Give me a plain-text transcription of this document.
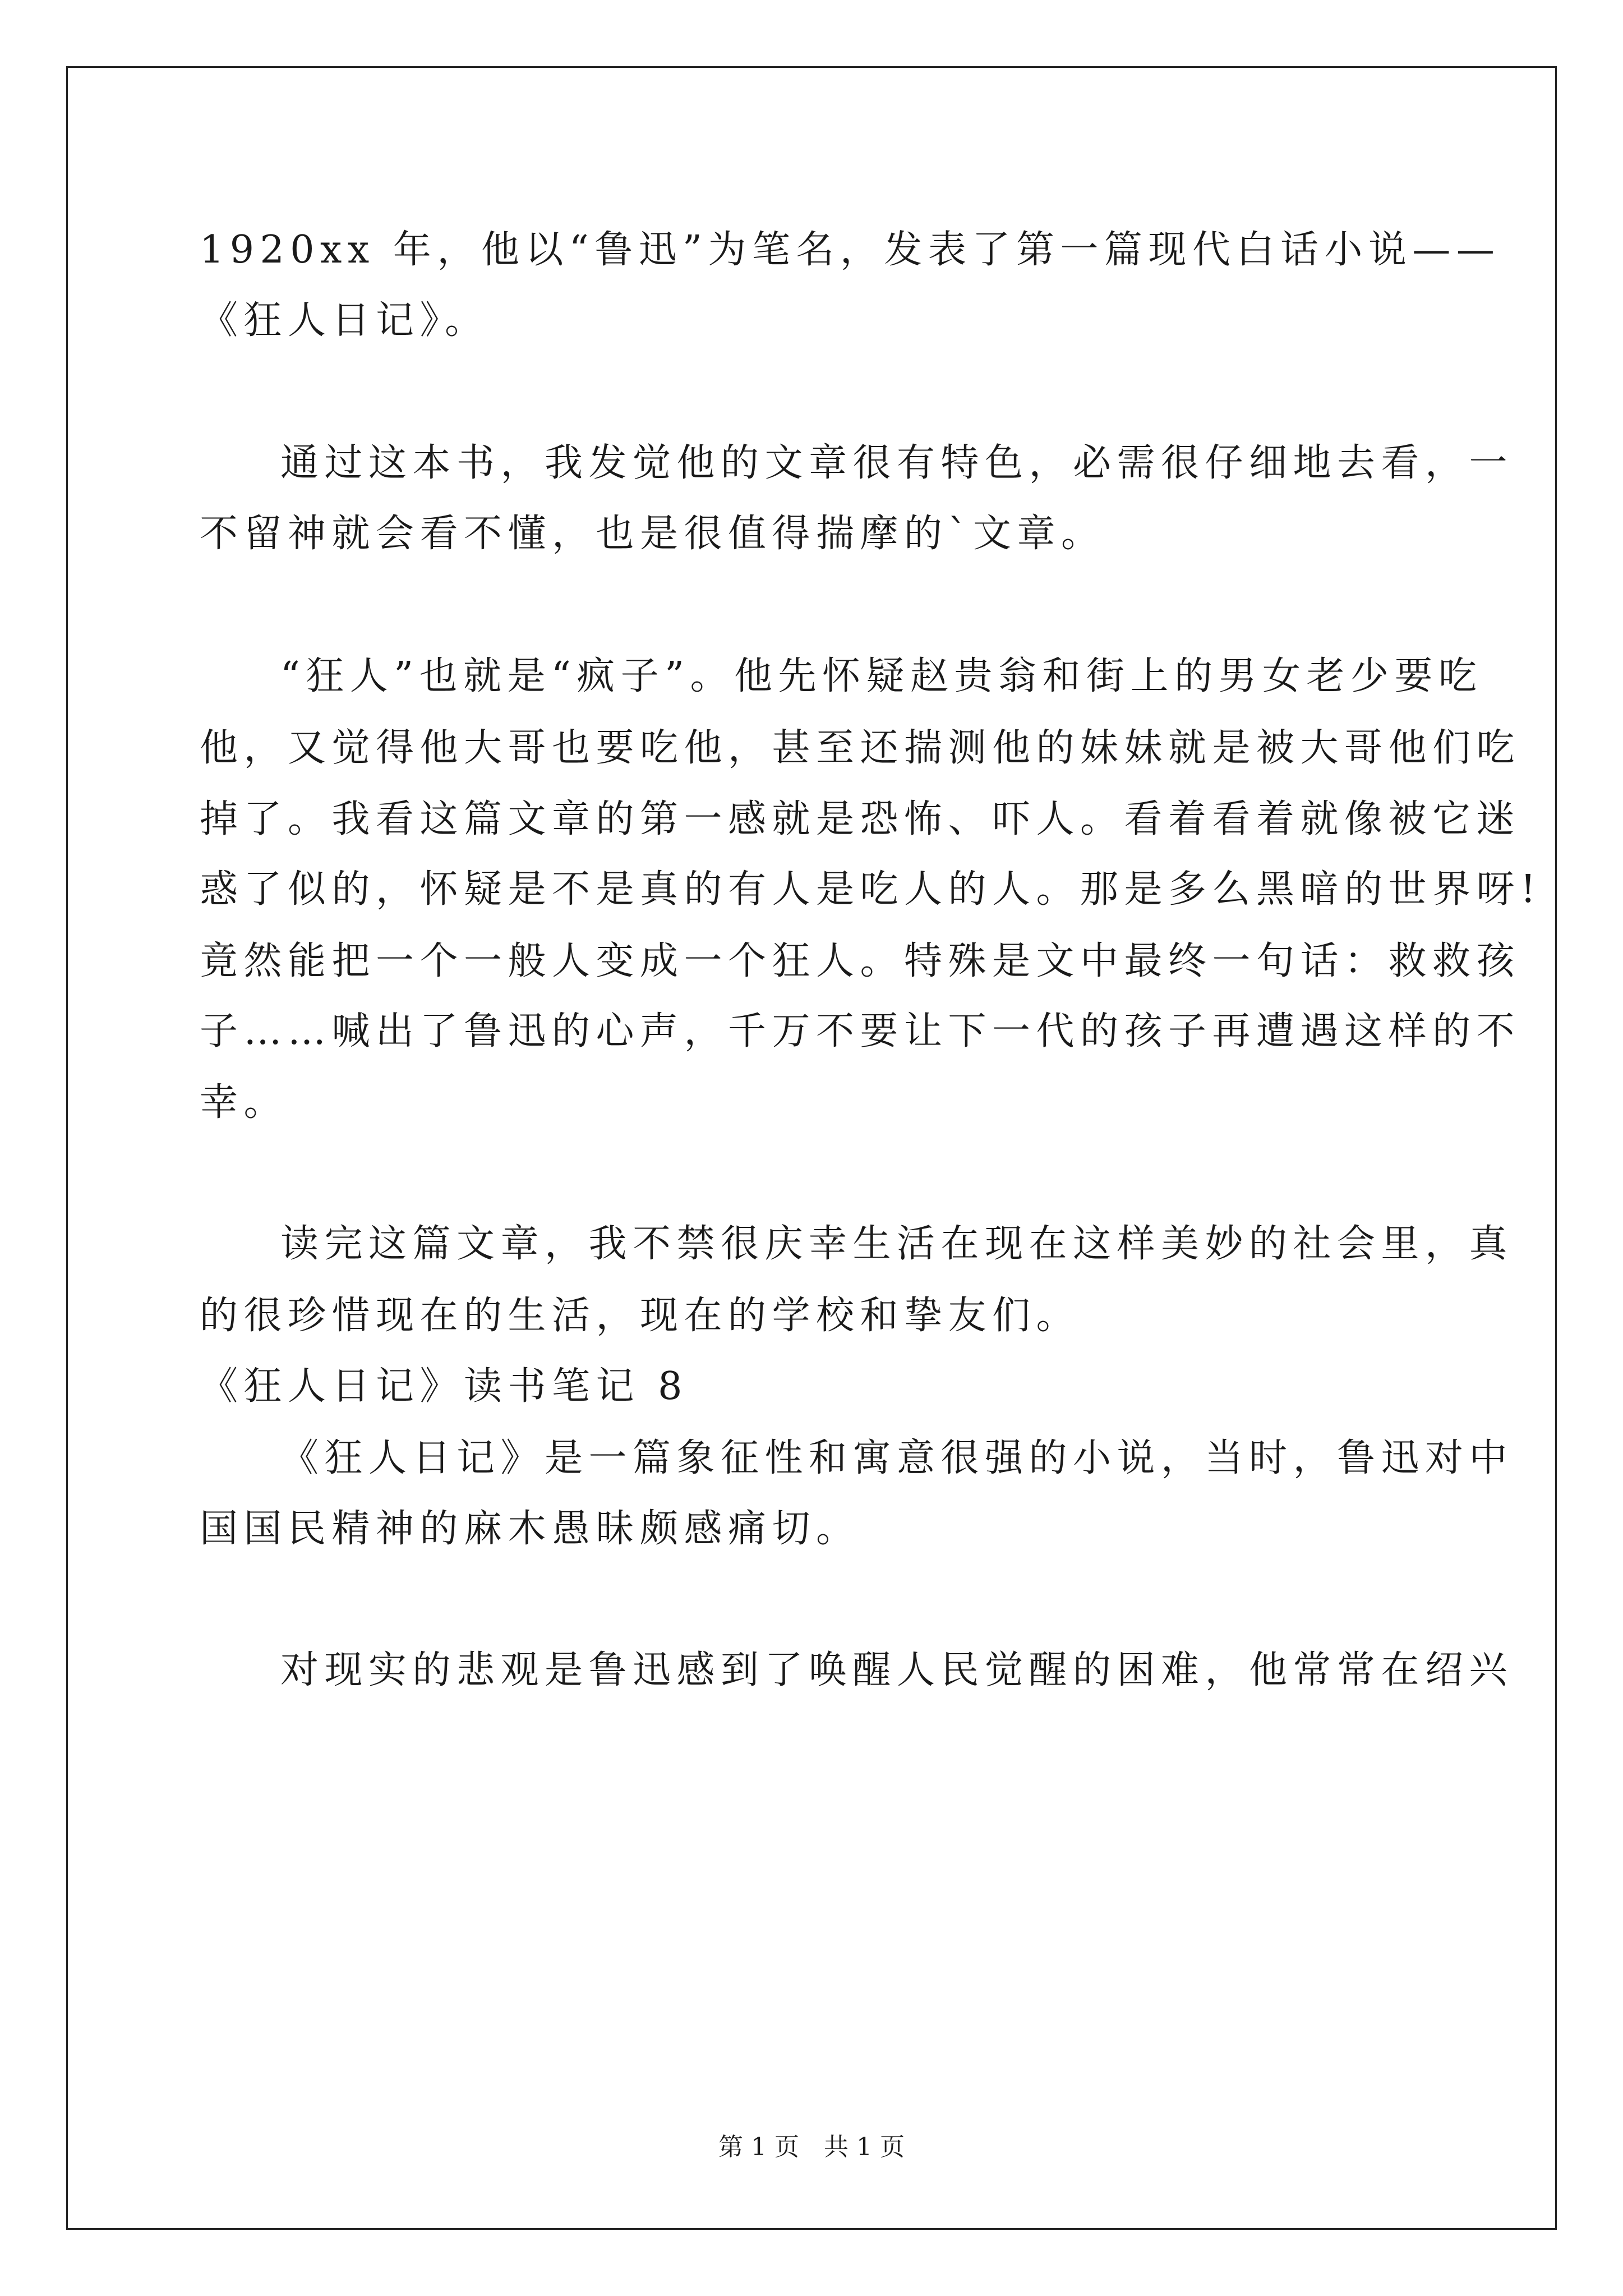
1920xx 年，他以“鲁迅”为笔名，发表了第一篇现代白话小说——
《狂人日记》。
通过这本书，我发觉他的文章很有特色，必需很仔细地去看，一
不留神就会看不懂，也是很值得揣摩的`文章。
“狂人”也就是“疯子”。他先怀疑赵贵翁和街上的男女老少要吃
他，又觉得他大哥也要吃他，甚至还揣测他的妹妹就是被大哥他们吃
掉了。我看这篇文章的第一感就是恐怖、吓人。看着看着就像被它迷
惑了似的，怀疑是不是真的有人是吃人的人。那是多么黑暗的世界呀!
竟然能把一个一般人变成一个狂人。特殊是文中最终一句话：救救孩
子……喊出了鲁迅的心声，千万不要让下一代的孩子再遭遇这样的不
幸。
读完这篇文章，我不禁很庆幸生活在现在这样美妙的社会里，真
的很珍惜现在的生活，现在的学校和挚友们。
《狂人日记》读书笔记 8
《狂人日记》是一篇象征性和寓意很强的小说，当时，鲁迅对中
国国民精神的麻木愚昧颇感痛切。
对现实的悲观是鲁迅感到了唤醒人民觉醒的困难，他常常在绍兴
第 1 页　共 1 页
